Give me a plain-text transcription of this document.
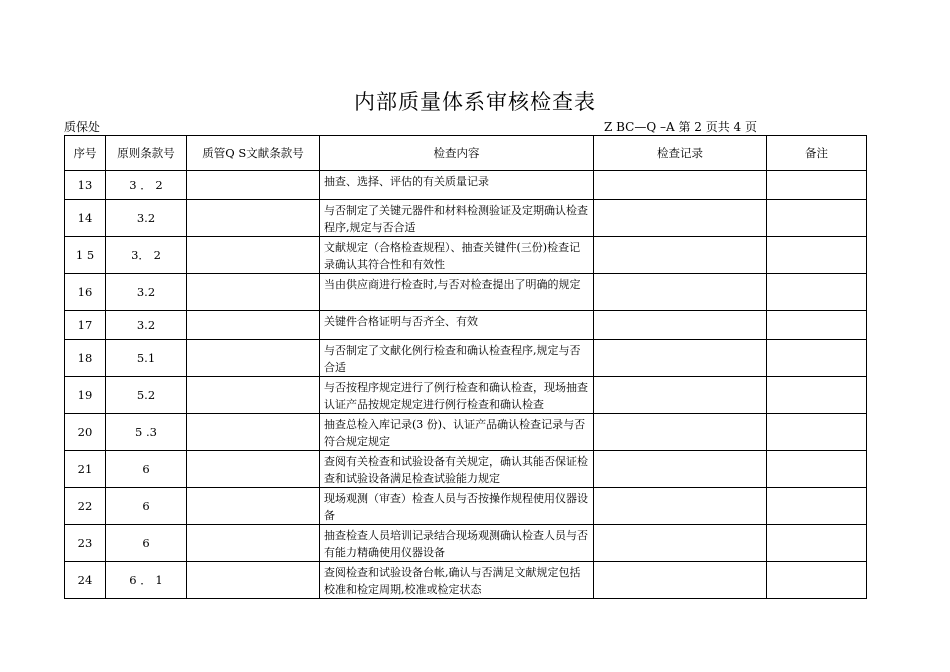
内部质量体系审核检查表
质保处	Z BC—Q –A 第 2 页共 4 页
序号	原则条款号	质管Q S文献条款号	检查内容	检查记录	备注
13	3 ． 2		抽查、选择、评估的有关质量记录		
14	3.2		与否制定了关键元器件和材料检测验证及定期确认检查程序,规定与否合适		
1 5	3． 2		文献规定（合格检查规程）、抽查关键件(三份)检查记录确认其符合性和有效性		
16	3.2		当由供应商进行检查时,与否对检查提出了明确的规定		
17	3.2		关键件合格证明与否齐全、有效		
18	5.1		与否制定了文献化例行检查和确认检查程序,规定与否合适		
19	5.2		与否按程序规定进行了例行检查和确认检查，现场抽查认证产品按规定规定进行例行检查和确认检查		
20	5 .3		抽查总检入库记录(3 份)、认证产品确认检查记录与否符合规定规定		
21	6		查阅有关检查和试验设备有关规定，确认其能否保证检查和试验设备满足检查试验能力规定		
22	6		现场观测（审查）检查人员与否按操作规程使用仪器设备		
23	6		抽查检查人员培训记录结合现场观测确认检查人员与否有能力精确使用仪器设备		
24	6 ． 1		查阅检查和试验设备台帐,确认与否满足文献规定包括校准和检定周期,校准或检定状态		
